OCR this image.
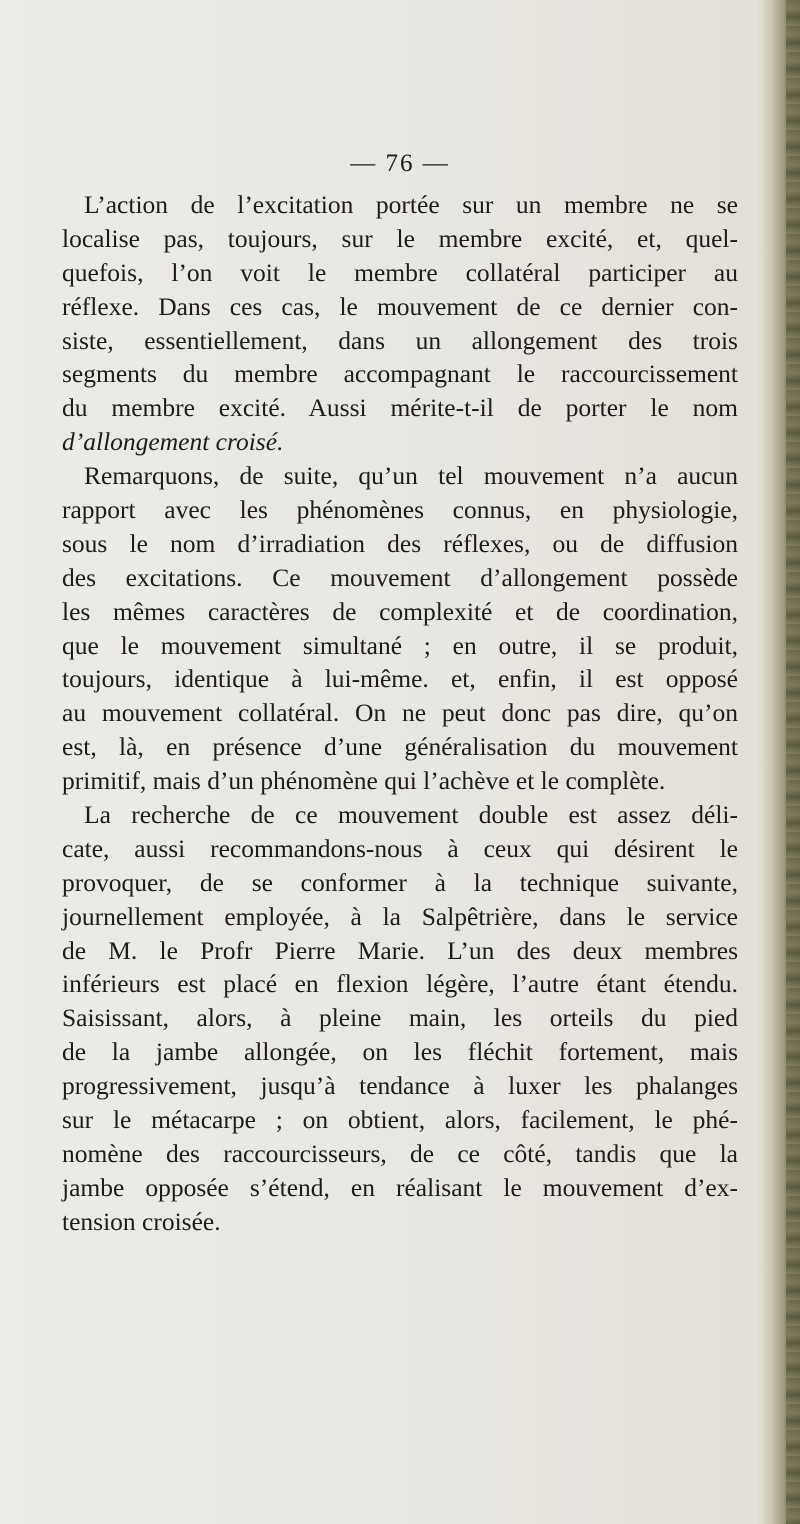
— 76 —
L’action de l’excitation portée sur un membre ne se
localise pas, toujours, sur le membre excité, et, quel-
quefois, l’on voit le membre collatéral participer au
réflexe. Dans ces cas, le mouvement de ce dernier con-
siste, essentiellement, dans un allongement des trois
segments du membre accompagnant le raccourcissement
du membre excité. Aussi mérite-t-il de porter le nom
d’allongement croisé.
Remarquons, de suite, qu’un tel mouvement n’a aucun
rapport avec les phénomènes connus, en physiologie,
sous le nom d’irradiation des réflexes, ou de diffusion
des excitations. Ce mouvement d’allongement possède
les mêmes caractères de complexité et de coordination,
que le mouvement simultané ; en outre, il se produit,
toujours, identique à lui-même. et, enfin, il est opposé
au mouvement collatéral. On ne peut donc pas dire, qu’on
est, là, en présence d’une généralisation du mouvement
primitif, mais d’un phénomène qui l’achève et le complète.
La recherche de ce mouvement double est assez déli-
cate, aussi recommandons-nous à ceux qui désirent le
provoquer, de se conformer à la technique suivante,
journellement employée, à la Salpêtrière, dans le service
de M. le Profr Pierre Marie. L’un des deux membres
inférieurs est placé en flexion légère, l’autre étant étendu.
Saisissant, alors, à pleine main, les orteils du pied
de la jambe allongée, on les fléchit fortement, mais
progressivement, jusqu’à tendance à luxer les phalanges
sur le métacarpe ; on obtient, alors, facilement, le phé-
nomène des raccourcisseurs, de ce côté, tandis que la
jambe opposée s’étend, en réalisant le mouvement d’ex-
tension croisée.
